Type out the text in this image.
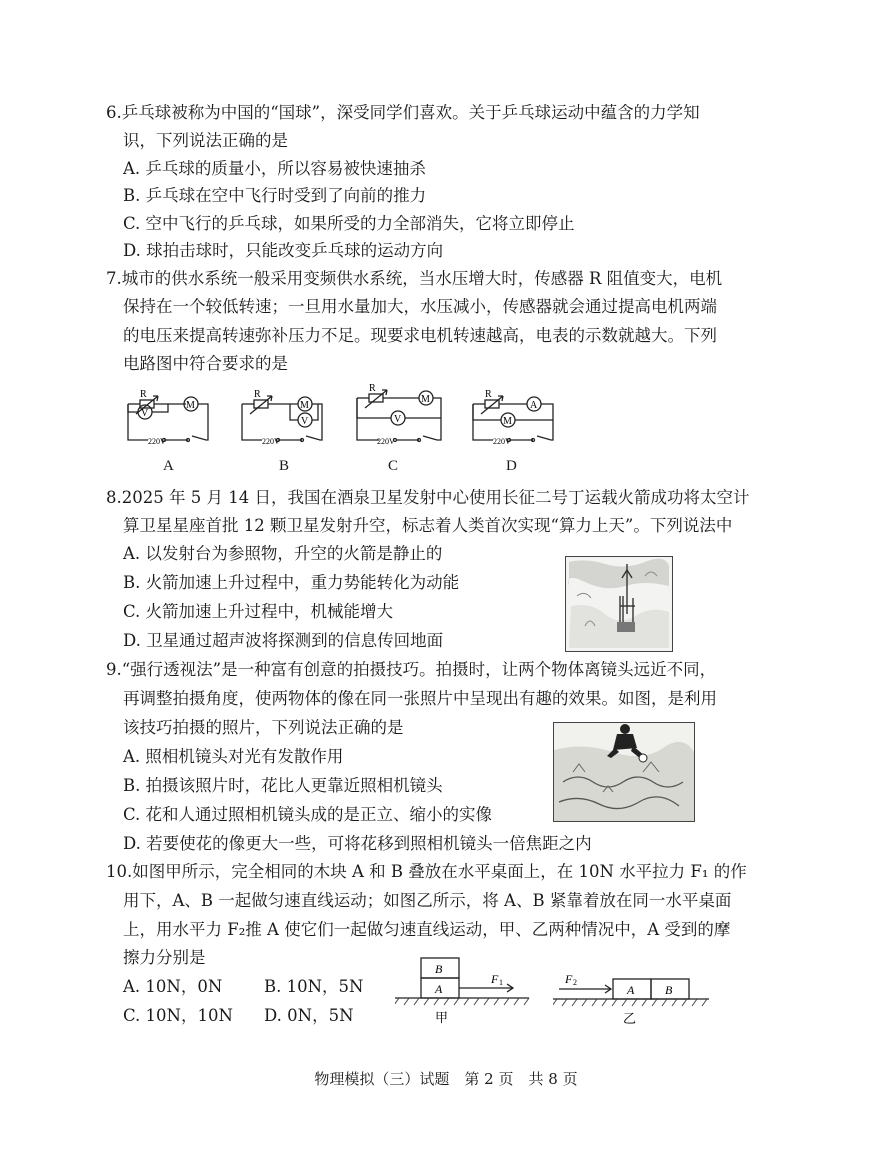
6.乒乓球被称为中国的“国球”，深受同学们喜欢。关于乒乓球运动中蕴含的力学知
识，下列说法正确的是
A. 乒乓球的质量小，所以容易被快速抽杀
B. 乒乓球在空中飞行时受到了向前的推力
C. 空中飞行的乒乓球，如果所受的力全部消失，它将立即停止
D. 球拍击球时，只能改变乒乓球的运动方向
7.城市的供水系统一般采用变频供水系统，当水压增大时，传感器 R 阻值变大，电机
保持在一个较低转速；一旦用水量加大，水压减小，传感器就会通过提高电机两端
的电压来提高转速弥补压力不足。现要求电机转速越高，电表的示数就越大。下列
电路图中符合要求的是
R
V
M
220V
A
R
M
V
220V
B
R
M
V
220V
C
R
A
M
220V
D
8.2025 年 5 月 14 日，我国在酒泉卫星发射中心使用长征二号丁运载火箭成功将太空计
算卫星星座首批 12 颗卫星发射升空，标志着人类首次实现“算力上天”。下列说法中
A. 以发射台为参照物，升空的火箭是静止的
B. 火箭加速上升过程中，重力势能转化为动能
C. 火箭加速上升过程中，机械能增大
D. 卫星通过超声波将探测到的信息传回地面
9.“强行透视法”是一种富有创意的拍摄技巧。拍摄时，让两个物体离镜头远近不同，
再调整拍摄角度，使两物体的像在同一张照片中呈现出有趣的效果。如图，是利用
该技巧拍摄的照片，下列说法正确的是
A. 照相机镜头对光有发散作用
B. 拍摄该照片时，花比人更靠近照相机镜头
C. 花和人通过照相机镜头成的是正立、缩小的实像
D. 若要使花的像更大一些，可将花移到照相机镜头一倍焦距之内
10.如图甲所示，完全相同的木块 A 和 B 叠放在水平桌面上，在 10N 水平拉力 F₁ 的作
用下，A、B 一起做匀速直线运动；如图乙所示，将 A、B 紧靠着放在同一水平桌面
上，用水平力 F₂推 A 使它们一起做匀速直线运动，甲、乙两种情况中，A 受到的摩
擦力分别是
A. 10N，0N	B. 10N，5N
C. 10N，10N D. 0N，5N
B
A
F 1
甲
F 2
A	B
乙
物理模拟（三）试题　第 2 页　共 8 页
